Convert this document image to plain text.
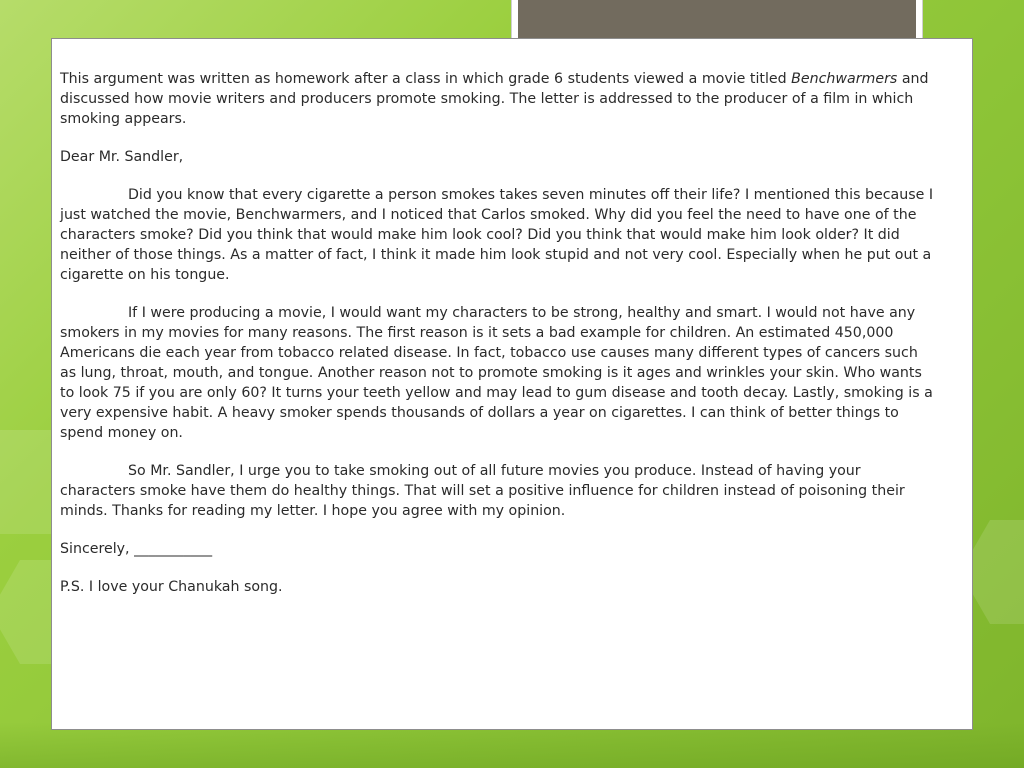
This argument was written as homework after a class in which grade 6 students viewed a movie titled Benchwarmers and discussed how movie writers and producers promote smoking. The letter is addressed to the producer of a film in which smoking appears.

Dear Mr. Sandler,

Did you know that every cigarette a person smokes takes seven minutes off their life? I mentioned this because I just watched the movie, Benchwarmers, and I noticed that Carlos smoked. Why did you feel the need to have one of the characters smoke? Did you think that would make him look cool? Did you think that would make him look older? It did neither of those things. As a matter of fact, I think it made him look stupid and not very cool. Especially when he put out a cigarette on his tongue.

If I were producing a movie, I would want my characters to be strong, healthy and smart. I would not have any smokers in my movies for many reasons. The first reason is it sets a bad example for children. An estimated 450,000 Americans die each year from tobacco related disease. In fact, tobacco use causes many different types of cancers such as lung, throat, mouth, and tongue. Another reason not to promote smoking is it ages and wrinkles your skin. Who wants to look 75 if you are only 60? It turns your teeth yellow and may lead to gum disease and tooth decay. Lastly, smoking is a very expensive habit. A heavy smoker spends thousands of dollars a year on cigarettes. I can think of better things to spend money on.

So Mr. Sandler, I urge you to take smoking out of all future movies you produce. Instead of having your characters smoke have them do healthy things. That will set a positive influence for children instead of poisoning their minds. Thanks for reading my letter. I hope you agree with my opinion.

Sincerely, ___________

P.S. I love your Chanukah song.
